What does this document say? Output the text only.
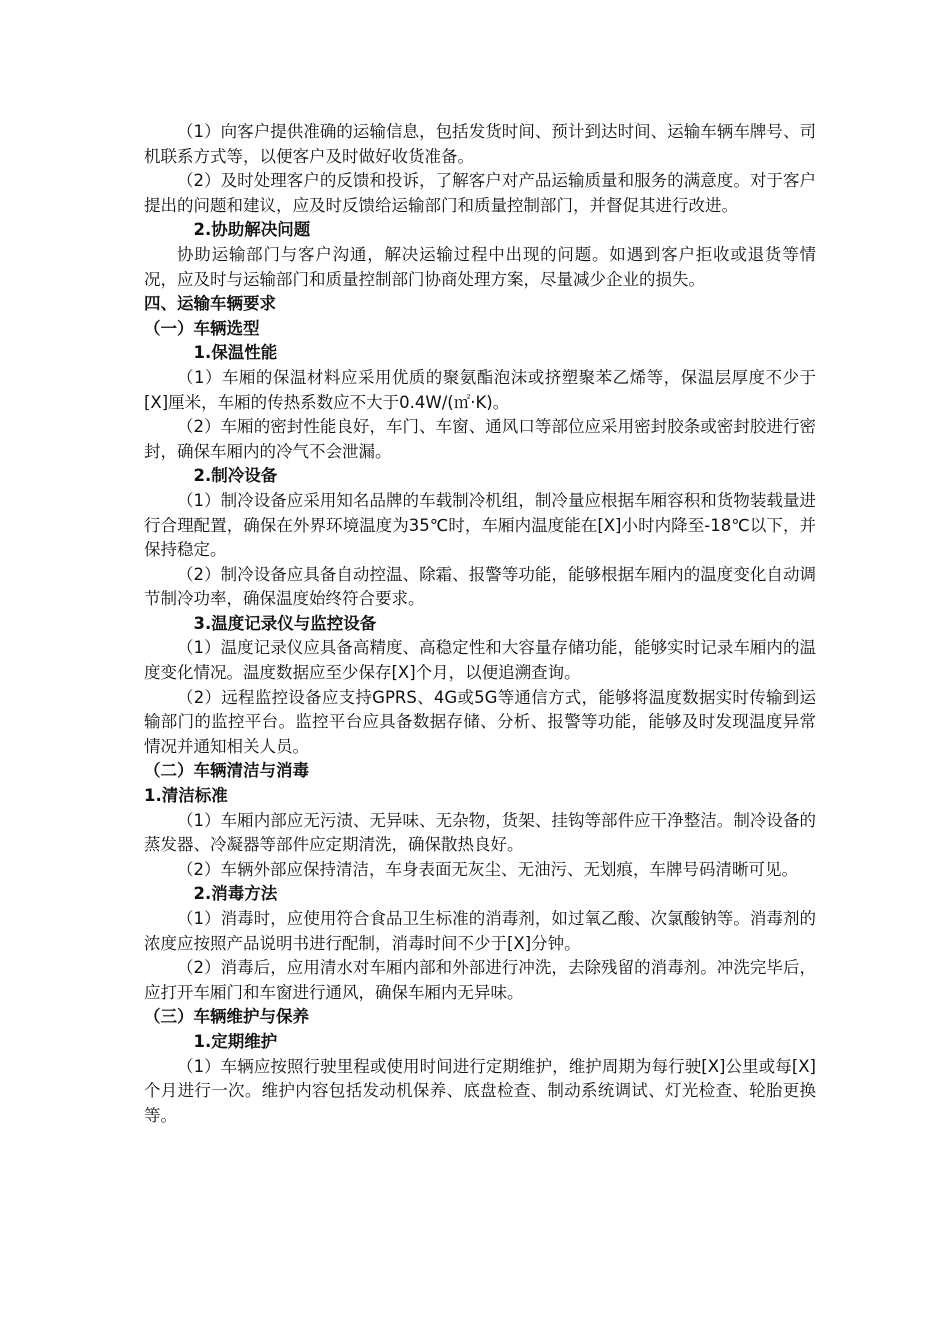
（1）向客户提供准确的运输信息，包括发货时间、预计到达时间、运输车辆车牌号、司机联系方式等，以便客户及时做好收货准备。

（2）及时处理客户的反馈和投诉，了解客户对产品运输质量和服务的满意度。对于客户提出的问题和建议，应及时反馈给运输部门和质量控制部门，并督促其进行改进。

2.协助解决问题

协助运输部门与客户沟通，解决运输过程中出现的问题。如遇到客户拒收或退货等情况，应及时与运输部门和质量控制部门协商处理方案，尽量减少企业的损失。

四、运输车辆要求

（一）车辆选型

1.保温性能

（1）车厢的保温材料应采用优质的聚氨酯泡沫或挤塑聚苯乙烯等，保温层厚度不少于[X]厘米，车厢的传热系数应不大于0.4W/(㎡·K)。

（2）车厢的密封性能良好，车门、车窗、通风口等部位应采用密封胶条或密封胶进行密封，确保车厢内的冷气不会泄漏。

2.制冷设备

（1）制冷设备应采用知名品牌的车载制冷机组，制冷量应根据车厢容积和货物装载量进行合理配置，确保在外界环境温度为35℃时，车厢内温度能在[X]小时内降至-18℃以下，并保持稳定。

（2）制冷设备应具备自动控温、除霜、报警等功能，能够根据车厢内的温度变化自动调节制冷功率，确保温度始终符合要求。

3.温度记录仪与监控设备

（1）温度记录仪应具备高精度、高稳定性和大容量存储功能，能够实时记录车厢内的温度变化情况。温度数据应至少保存[X]个月，以便追溯查询。

（2）远程监控设备应支持GPRS、4G或5G等通信方式，能够将温度数据实时传输到运输部门的监控平台。监控平台应具备数据存储、分析、报警等功能，能够及时发现温度异常情况并通知相关人员。

（二）车辆清洁与消毒

1.清洁标准

（1）车厢内部应无污渍、无异味、无杂物，货架、挂钩等部件应干净整洁。制冷设备的蒸发器、冷凝器等部件应定期清洗，确保散热良好。

（2）车辆外部应保持清洁，车身表面无灰尘、无油污、无划痕，车牌号码清晰可见。

2.消毒方法

（1）消毒时，应使用符合食品卫生标准的消毒剂，如过氧乙酸、次氯酸钠等。消毒剂的浓度应按照产品说明书进行配制，消毒时间不少于[X]分钟。

（2）消毒后，应用清水对车厢内部和外部进行冲洗，去除残留的消毒剂。冲洗完毕后，应打开车厢门和车窗进行通风，确保车厢内无异味。

（三）车辆维护与保养

1.定期维护

（1）车辆应按照行驶里程或使用时间进行定期维护，维护周期为每行驶[X]公里或每[X]个月进行一次。维护内容包括发动机保养、底盘检查、制动系统调试、灯光检查、轮胎更换等。
